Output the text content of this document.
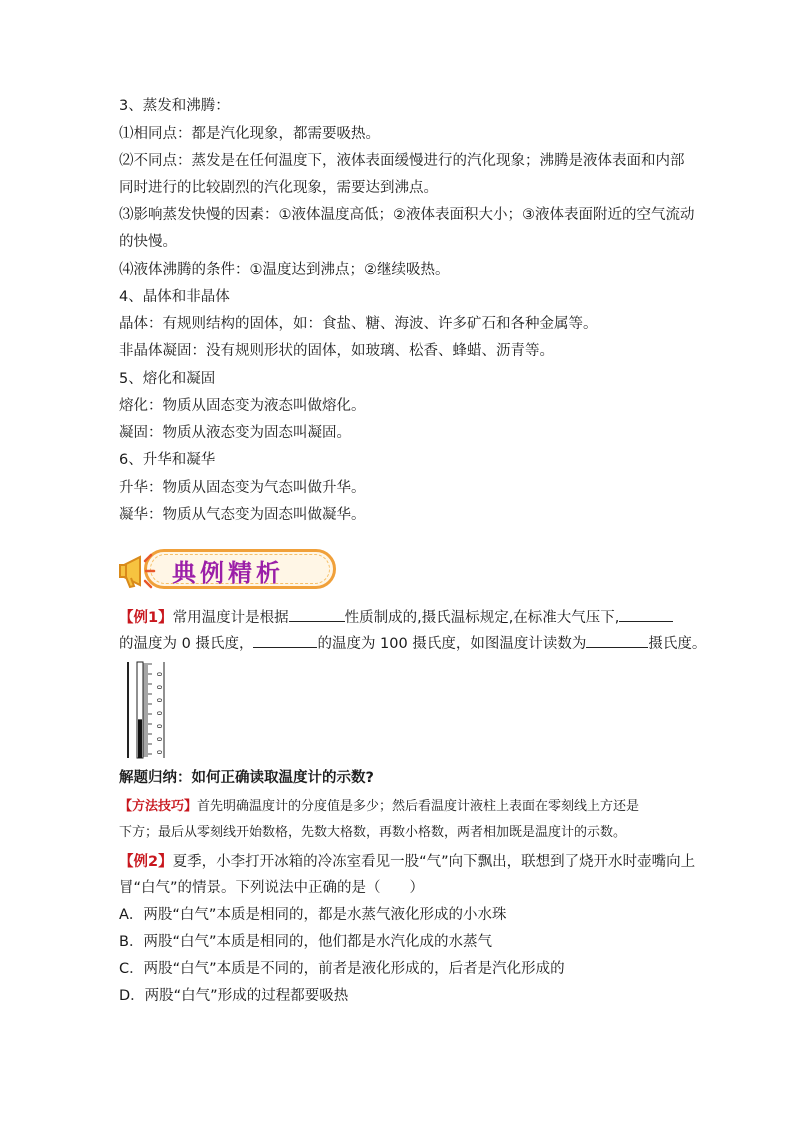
3、蒸发和沸腾：
⑴相同点：都是汽化现象，都需要吸热。
⑵不同点：蒸发是在任何温度下，液体表面缓慢进行的汽化现象；沸腾是液体表面和内部
同时进行的比较剧烈的汽化现象，需要达到沸点。
⑶影响蒸发快慢的因素：①液体温度高低；②液体表面积大小；③液体表面附近的空气流动
的快慢。
⑷液体沸腾的条件：①温度达到沸点；②继续吸热。
4、晶体和非晶体
晶体：有规则结构的固体，如：食盐、糖、海波、许多矿石和各种金属等。
非晶体凝固：没有规则形状的固体，如玻璃、松香、蜂蜡、沥青等。
5、熔化和凝固
熔化：物质从固态变为液态叫做熔化。
凝固：物质从液态变为固态叫凝固。
6、升华和凝华
升华：物质从固态变为气态叫做升华。
凝华：物质从气态变为固态叫做凝华。
典例精析
【例1】常用温度计是根据	性质制成的,摄氏温标规定,在标准大气压下,
的温度为 0 摄氏度，	的温度为 100 摄氏度，如图温度计读数为	摄氏度。
0
0
0
0
0
0
0
解题归纳：如何正确读取温度计的示数?
【方法技巧】首先明确温度计的分度值是多少；然后看温度计液柱上表面在零刻线上方还是
下方；最后从零刻线开始数格，先数大格数，再数小格数，两者相加既是温度计的示数。
【例2】夏季，小李打开冰箱的冷冻室看见一股“气”向下飘出，联想到了烧开水时壶嘴向上
冒“白气”的情景。下列说法中正确的是（　　）
A．两股“白气”本质是相同的，都是水蒸气液化形成的小水珠
B．两股“白气”本质是相同的，他们都是水汽化成的水蒸气
C．两股“白气”本质是不同的，前者是液化形成的，后者是汽化形成的
D．两股“白气”形成的过程都要吸热
